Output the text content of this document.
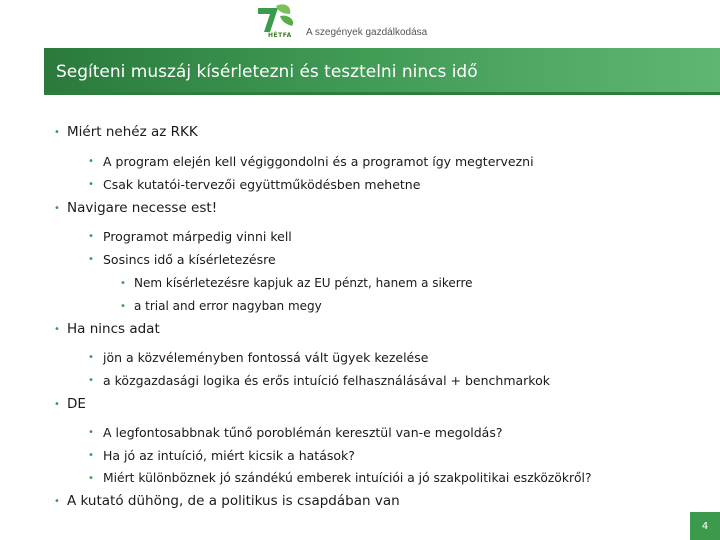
HÉTFA A szegények gazdálkodása
Segíteni muszáj kísérletezni és tesztelni nincs idő
• Miért nehéz az RKK
• A program elején kell végiggondolni és a programot így megtervezni
• Csak kutatói-tervezői együttműködésben mehetne
• Navigare necesse est!
• Programot márpedig vinni kell
• Sosincs idő a kísérletezésre
• Nem kísérletezésre kapjuk az EU pénzt, hanem a sikerre
• a trial and error nagyban megy
• Ha nincs adat
• jön a közvéleményben fontossá vált ügyek kezelése
• a közgazdasági logika és erős intuíció felhasználásával + benchmarkok
• DE
• A legfontosabbnak tűnő poroblémán keresztül van-e megoldás?
• Ha jó az intuíció, miért kicsik a hatások?
• Miért különböznek jó szándékú emberek intuíciói a jó szakpolitikai eszközökről?
• A kutató dühöng, de a politikus is csapdában van
4
